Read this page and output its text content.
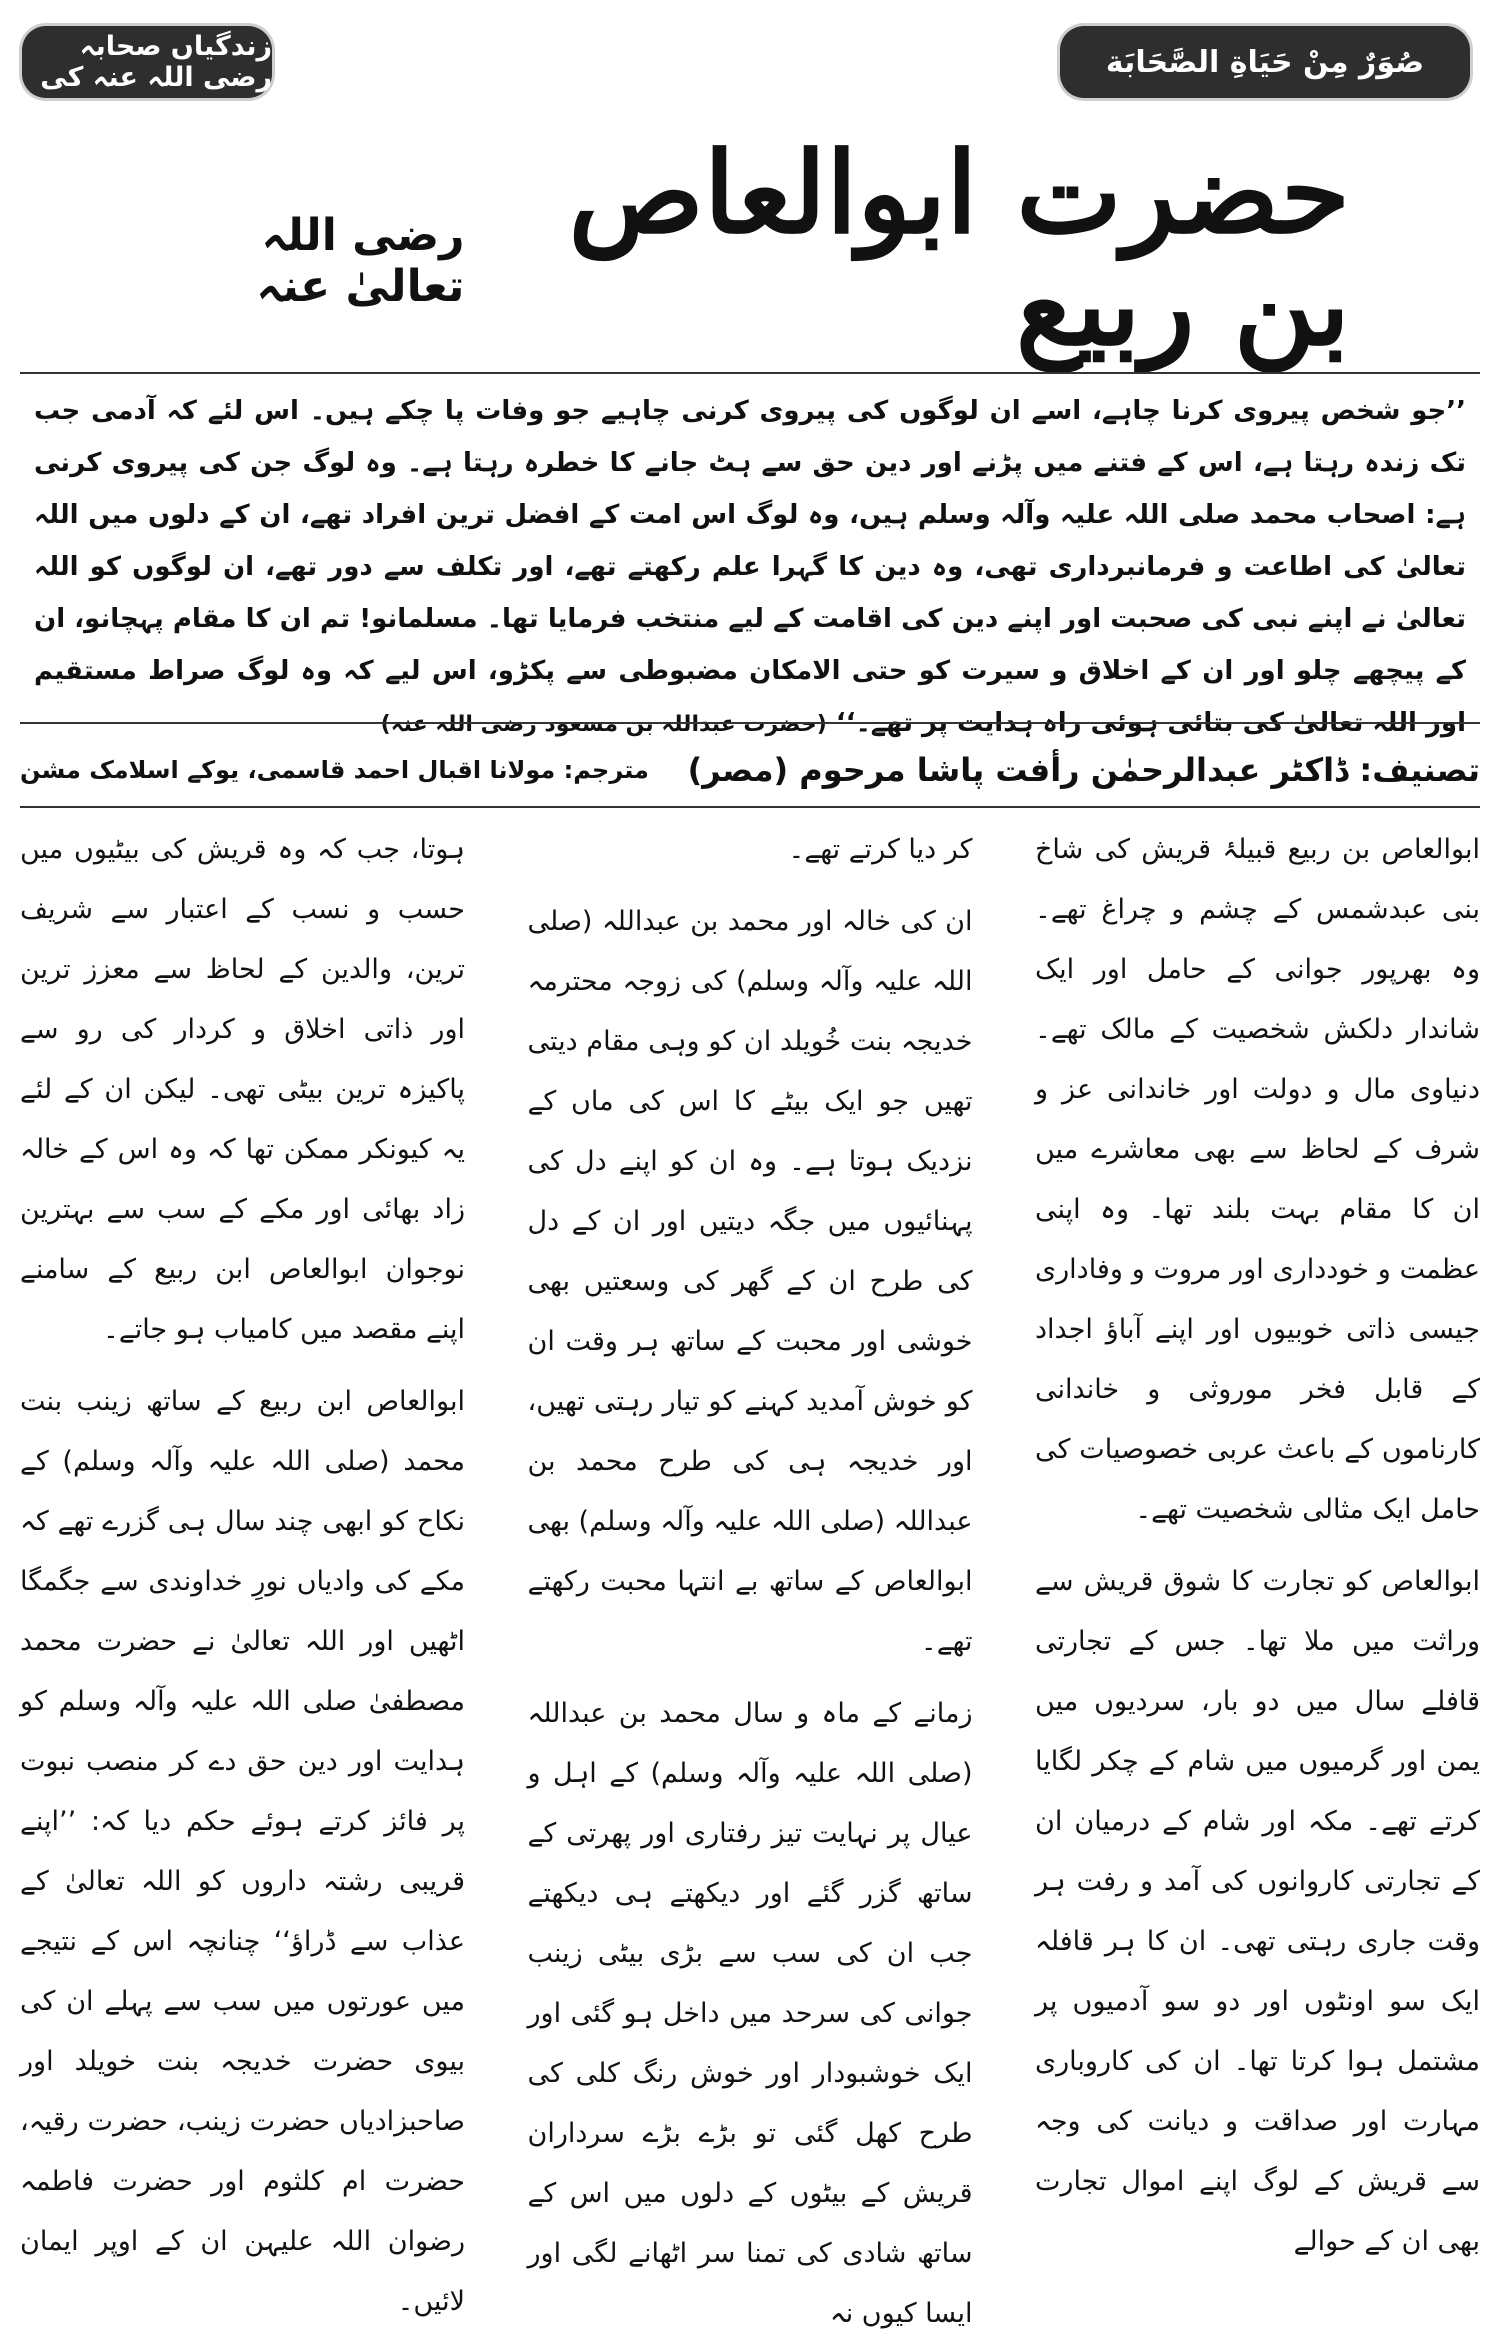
صُوَرٌ مِنْ حَيَاةِ الصَّحَابَة
زندگیاں صحابہ رضی اللہ عنہ کی
حضرت ابوالعاص بن ربیع
رضی اللہ تعالیٰ عنہ
’’جو شخص پیروی کرنا چاہے، اسے ان لوگوں کی پیروی کرنی چاہیے جو وفات پا چکے ہیں۔ اس لئے کہ آدمی جب تک زندہ رہتا ہے، اس کے فتنے میں پڑنے اور دین حق سے ہٹ جانے کا خطرہ رہتا ہے۔ وہ لوگ جن کی پیروی کرنی ہے: اصحاب محمد صلی اللہ علیہ وآلہ وسلم ہیں، وہ لوگ اس امت کے افضل ترین افراد تھے، ان کے دلوں میں اللہ تعالیٰ کی اطاعت و فرمانبرداری تھی، وہ دین کا گہرا علم رکھتے تھے، اور تکلف سے دور تھے، ان لوگوں کو اللہ تعالیٰ نے اپنے نبی کی صحبت اور اپنے دین کی اقامت کے لیے منتخب فرمایا تھا۔ مسلمانو! تم ان کا مقام پہچانو، ان کے پیچھے چلو اور ان کے اخلاق و سیرت کو حتی الامکان مضبوطی سے پکڑو، اس لیے کہ وہ لوگ صراط مستقیم اور اللہ تعالیٰ کی بتائی ہوئی راہ ہدایت پر تھے۔‘‘ (حضرت عبداللہ بن مسعود رضی اللہ عنہ)
تصنیف: ڈاکٹر عبدالرحمٰن رأفت پاشا مرحوم (مصر)
مترجم: مولانا اقبال احمد قاسمی، یوکے اسلامک مشن

ابوالعاص بن ربیع قبیلۂ قریش کی شاخ بنی عبدشمس کے چشم و چراغ تھے۔ وہ بھرپور جوانی کے حامل اور ایک شاندار دلکش شخصیت کے مالک تھے۔ دنیاوی مال و دولت اور خاندانی عز و شرف کے لحاظ سے بھی معاشرے میں ان کا مقام بہت بلند تھا۔ وہ اپنی عظمت و خودداری اور مروت و وفاداری جیسی ذاتی خوبیوں اور اپنے آباؤ اجداد کے قابل فخر موروثی و خاندانی کارناموں کے باعث عربی خصوصیات کی حامل ایک مثالی شخصیت تھے۔

ابوالعاص کو تجارت کا شوق قریش سے وراثت میں ملا تھا۔ جس کے تجارتی قافلے سال میں دو بار، سردیوں میں یمن اور گرمیوں میں شام کے چکر لگایا کرتے تھے۔ مکہ اور شام کے درمیان ان کے تجارتی کاروانوں کی آمد و رفت ہر وقت جاری رہتی تھی۔ ان کا ہر قافلہ ایک سو اونٹوں اور دو سو آدمیوں پر مشتمل ہوا کرتا تھا۔ ان کی کاروباری مہارت اور صداقت و دیانت کی وجہ سے قریش کے لوگ اپنے اموال تجارت بھی ان کے حوالے

کر دیا کرتے تھے۔

ان کی خالہ اور محمد بن عبداللہ (صلی اللہ علیہ وآلہ وسلم) کی زوجہ محترمہ خدیجہ بنت خُویلد ان کو وہی مقام دیتی تھیں جو ایک بیٹے کا اس کی ماں کے نزدیک ہوتا ہے۔ وہ ان کو اپنے دل کی پہنائیوں میں جگہ دیتیں اور ان کے دل کی طرح ان کے گھر کی وسعتیں بھی خوشی اور محبت کے ساتھ ہر وقت ان کو خوش آمدید کہنے کو تیار رہتی تھیں، اور خدیجہ ہی کی طرح محمد بن عبداللہ (صلی اللہ علیہ وآلہ وسلم) بھی ابوالعاص کے ساتھ بے انتہا محبت رکھتے تھے۔

زمانے کے ماہ و سال محمد بن عبداللہ (صلی اللہ علیہ وآلہ وسلم) کے اہل و عیال پر نہایت تیز رفتاری اور پھرتی کے ساتھ گزر گئے اور دیکھتے ہی دیکھتے جب ان کی سب سے بڑی بیٹی زینب جوانی کی سرحد میں داخل ہو گئی اور ایک خوشبودار اور خوش رنگ کلی کی طرح کھل گئی تو بڑے بڑے سرداران قریش کے بیٹوں کے دلوں میں اس کے ساتھ شادی کی تمنا سر اٹھانے لگی اور ایسا کیوں نہ

ہوتا، جب کہ وہ قریش کی بیٹیوں میں حسب و نسب کے اعتبار سے شریف ترین، والدین کے لحاظ سے معزز ترین اور ذاتی اخلاق و کردار کی رو سے پاکیزہ ترین بیٹی تھی۔ لیکن ان کے لئے یہ کیونکر ممکن تھا کہ وہ اس کے خالہ زاد بھائی اور مکے کے سب سے بہترین نوجوان ابوالعاص ابن ربیع کے سامنے اپنے مقصد میں کامیاب ہو جاتے۔

ابوالعاص ابن ربیع کے ساتھ زینب بنت محمد (صلی اللہ علیہ وآلہ وسلم) کے نکاح کو ابھی چند سال ہی گزرے تھے کہ مکے کی وادیاں نورِ خداوندی سے جگمگا اٹھیں اور اللہ تعالیٰ نے حضرت محمد مصطفیٰ صلی اللہ علیہ وآلہ وسلم کو ہدایت اور دین حق دے کر منصب نبوت پر فائز کرتے ہوئے حکم دیا کہ: ’’اپنے قریبی رشتہ داروں کو اللہ تعالیٰ کے عذاب سے ڈراؤ‘‘ چنانچہ اس کے نتیجے میں عورتوں میں سب سے پہلے ان کی بیوی حضرت خدیجہ بنت خویلد اور صاحبزادیاں حضرت زینب، حضرت رقیہ، حضرت ام کلثوم اور حضرت فاطمہ رضوان اللہ علیہن ان کے اوپر ایمان لائیں۔
